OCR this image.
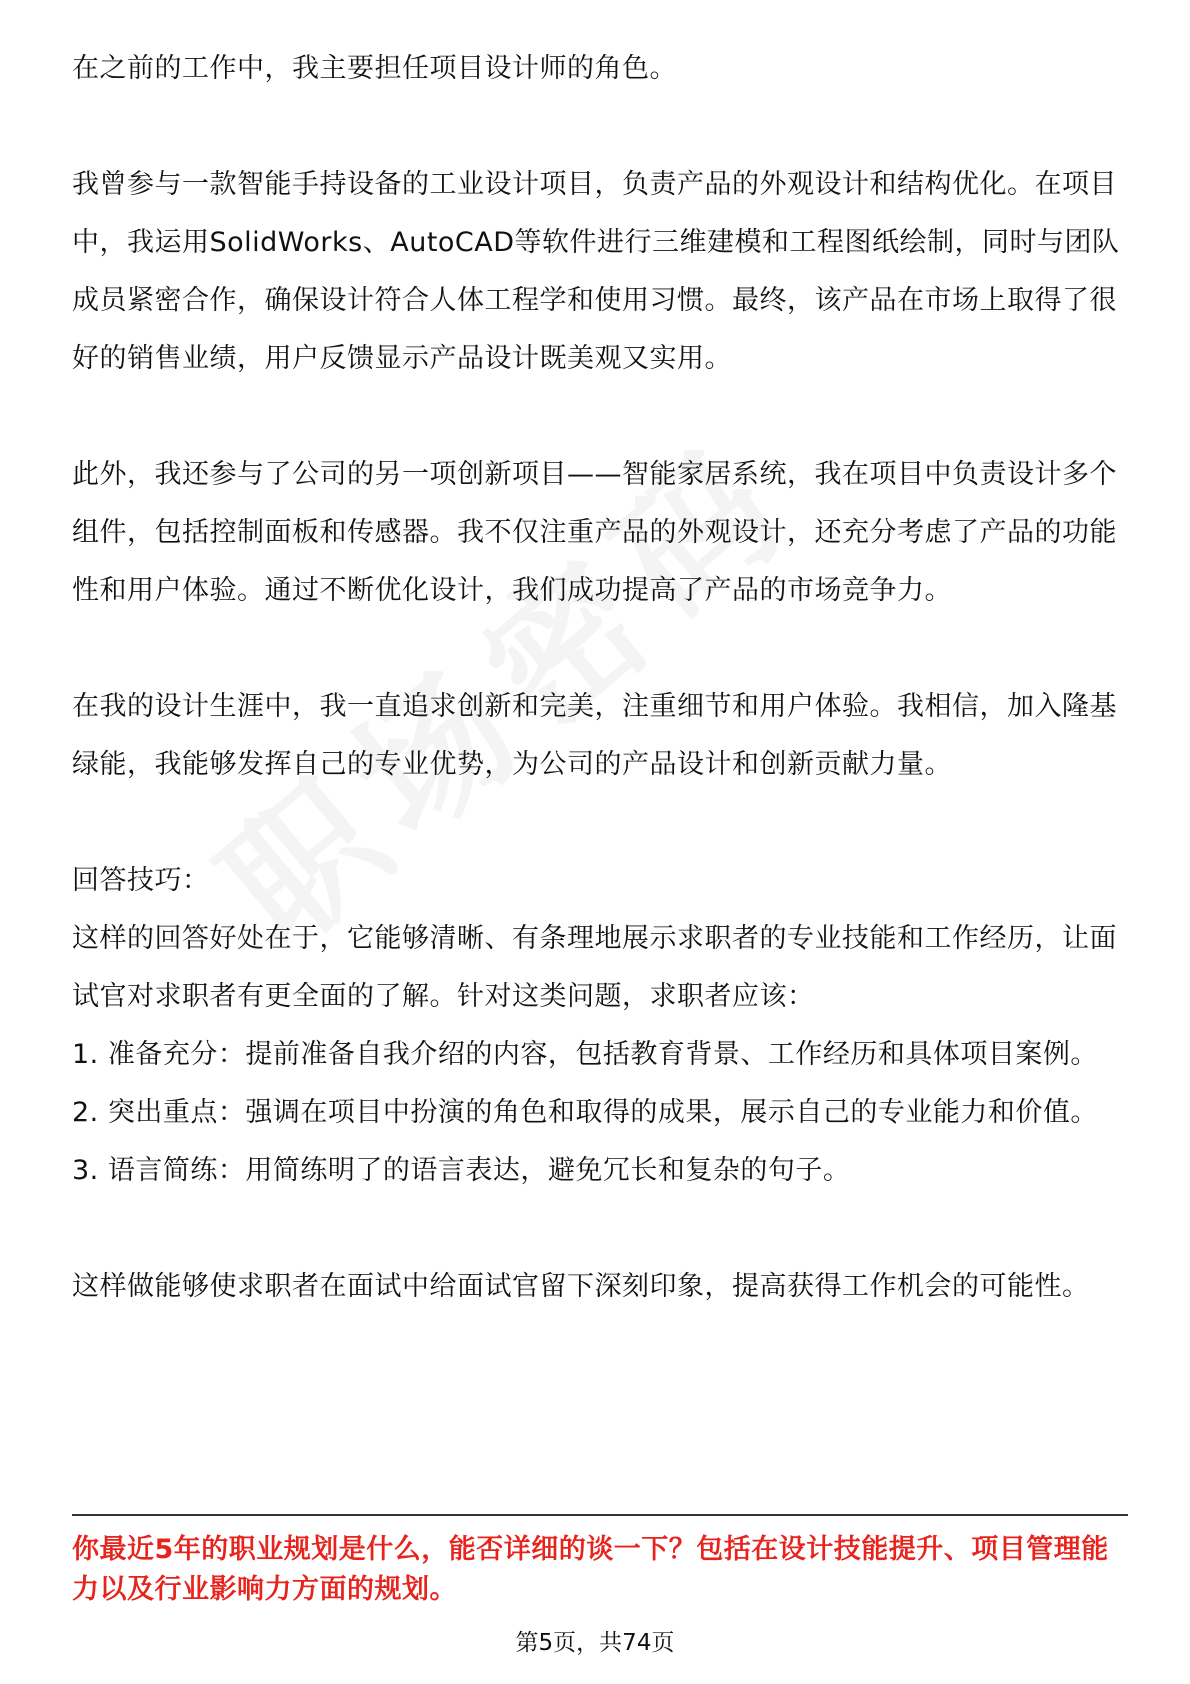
在之前的工作中，我主要担任项目设计师的角色。

我曾参与一款智能手持设备的工业设计项目，负责产品的外观设计和结构优化。在项目中，我运用SolidWorks、AutoCAD等软件进行三维建模和工程图纸绘制，同时与团队成员紧密合作，确保设计符合人体工程学和使用习惯。最终，该产品在市场上取得了很好的销售业绩，用户反馈显示产品设计既美观又实用。

此外，我还参与了公司的另一项创新项目——智能家居系统，我在项目中负责设计多个组件，包括控制面板和传感器。我不仅注重产品的外观设计，还充分考虑了产品的功能性和用户体验。通过不断优化设计，我们成功提高了产品的市场竞争力。

在我的设计生涯中，我一直追求创新和完美，注重细节和用户体验。我相信，加入隆基绿能，我能够发挥自己的专业优势，为公司的产品设计和创新贡献力量。

回答技巧：

这样的回答好处在于，它能够清晰、有条理地展示求职者的专业技能和工作经历，让面试官对求职者有更全面的了解。针对这类问题，求职者应该：

1. 准备充分：提前准备自我介绍的内容，包括教育背景、工作经历和具体项目案例。

2. 突出重点：强调在项目中扮演的角色和取得的成果，展示自己的专业能力和价值。

3. 语言简练：用简练明了的语言表达，避免冗长和复杂的句子。

这样做能够使求职者在面试中给面试官留下深刻印象，提高获得工作机会的可能性。

你最近5年的职业规划是什么，能否详细的谈一下？包括在设计技能提升、项目管理能力以及行业影响力方面的规划。
第5页，共74页
